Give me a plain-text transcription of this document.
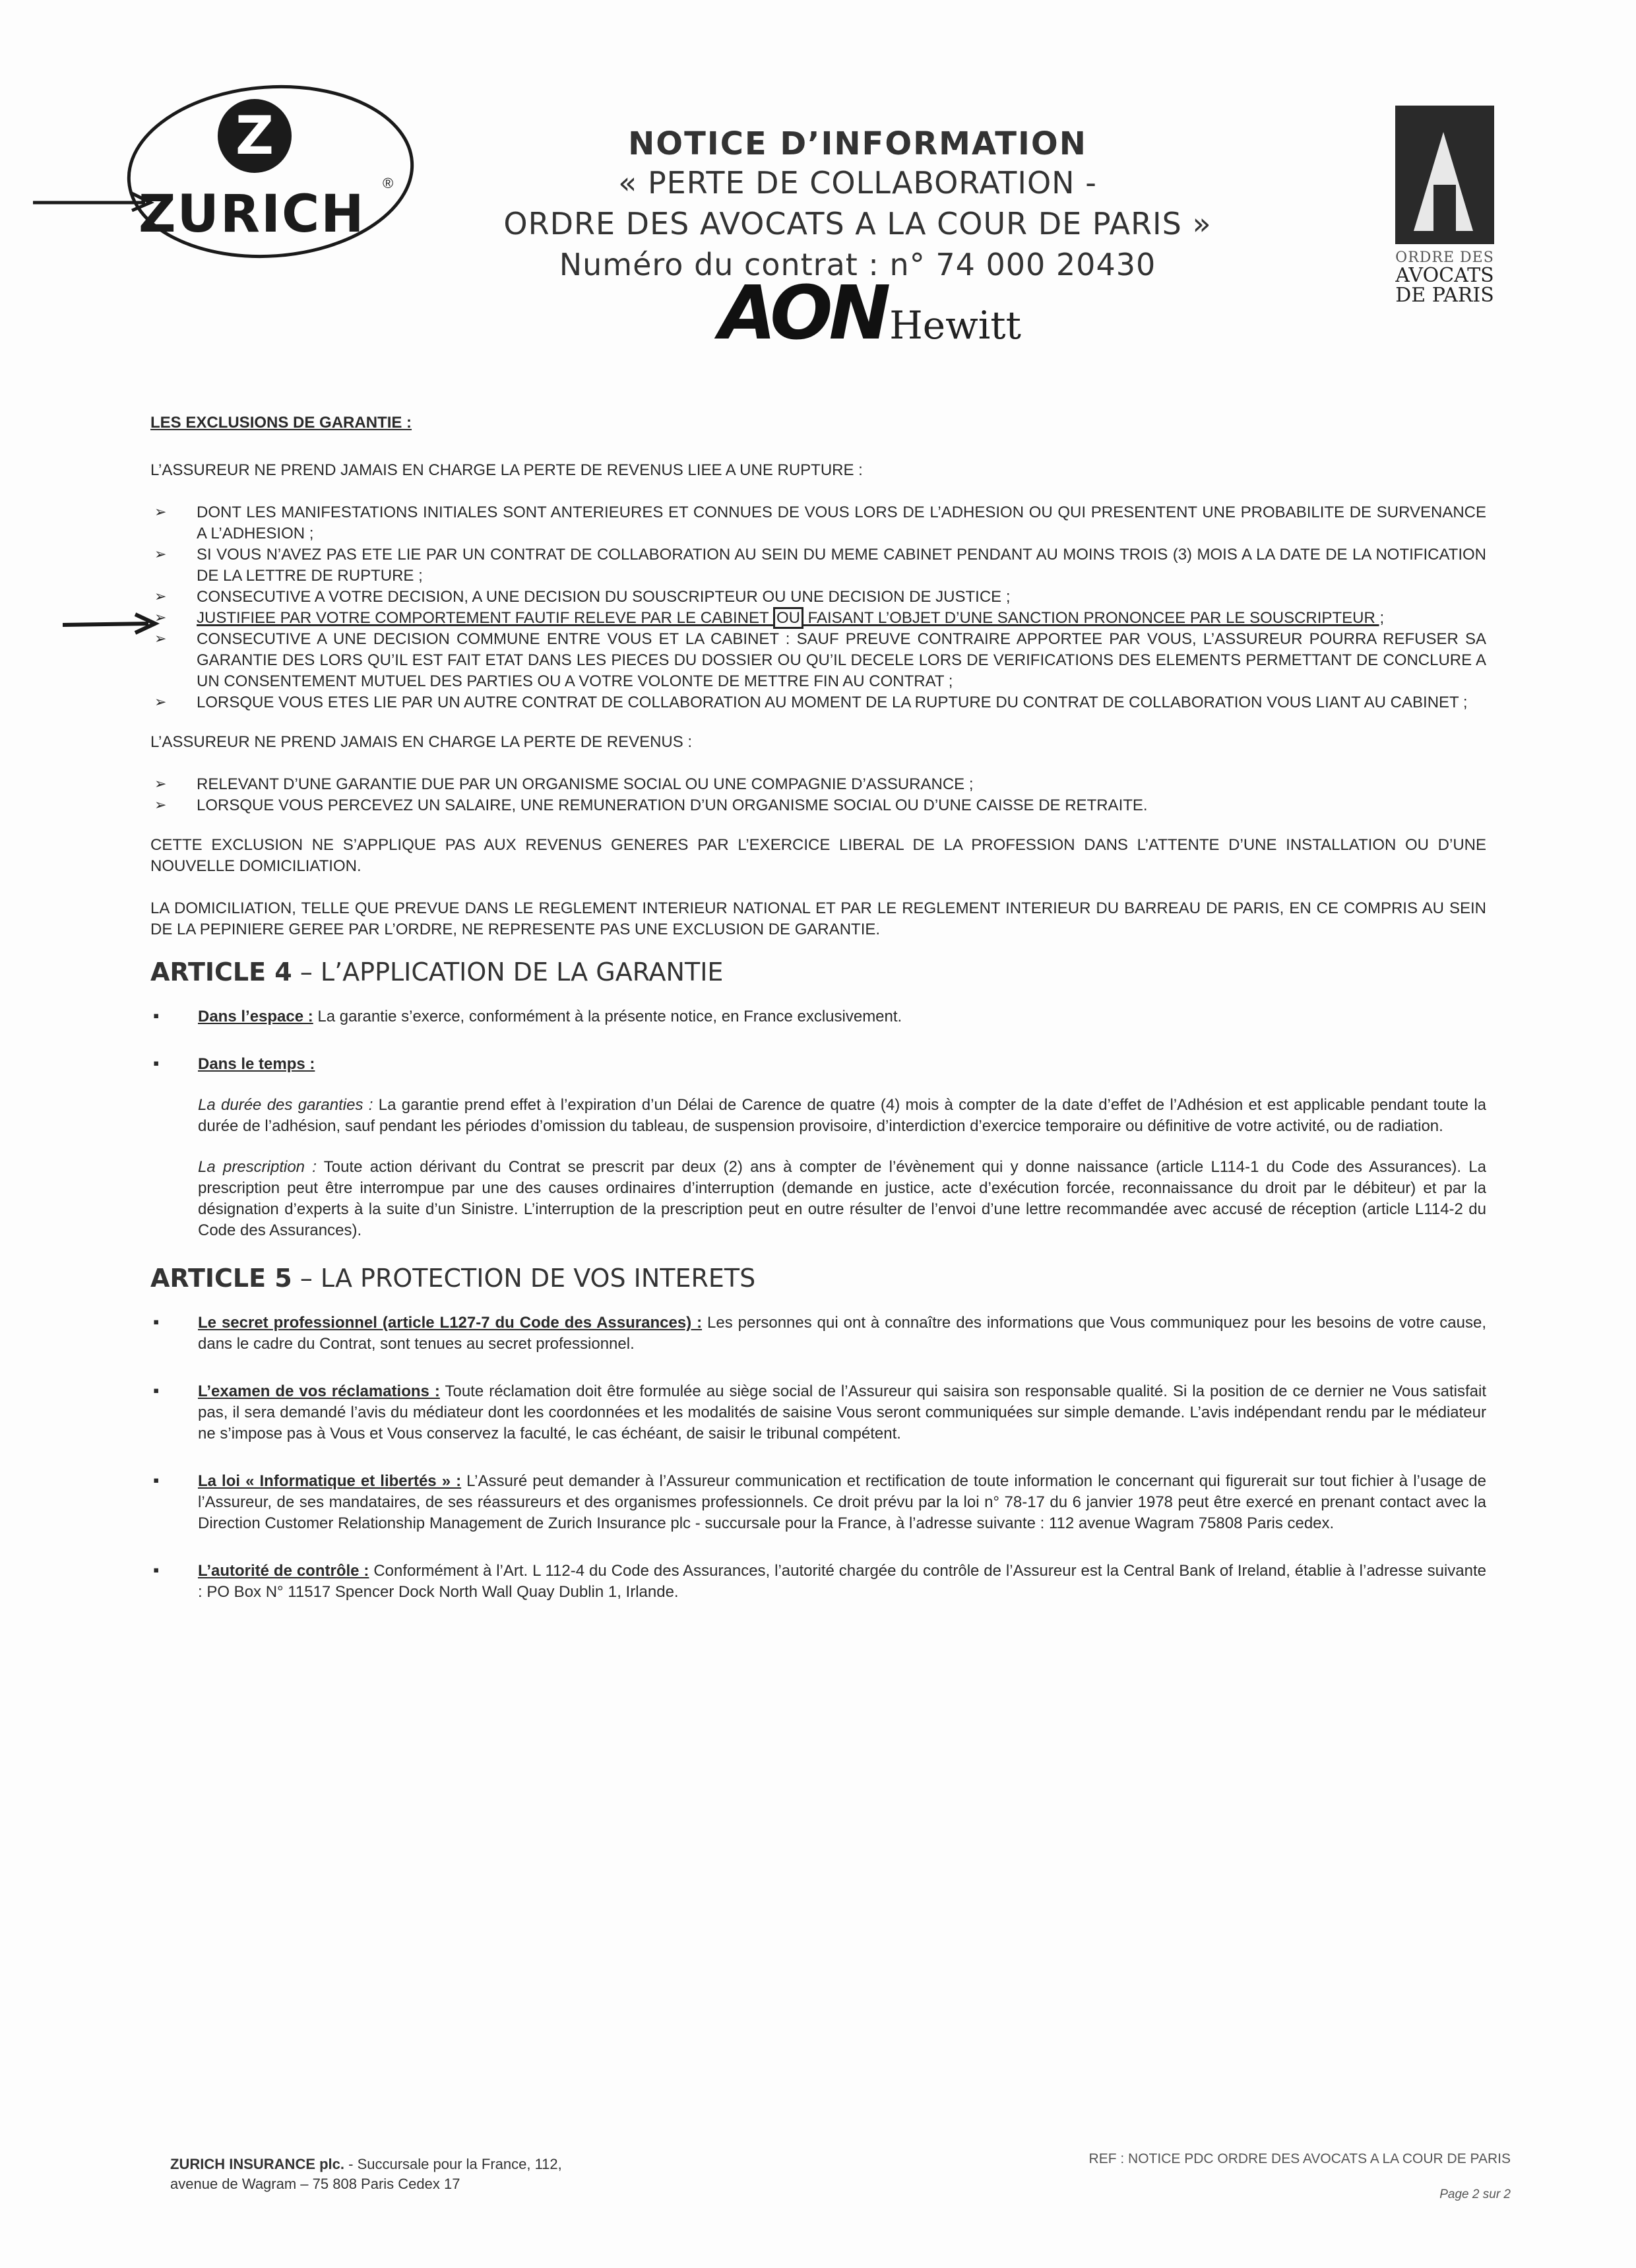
Z
ZURICH
®
NOTICE D’INFORMATION
« PERTE DE COLLABORATION -
ORDRE DES AVOCATS A LA COUR DE PARIS »
Numéro du contrat : n° 74 000 20430
AONHewitt
ORDRE DES
AVOCATS
DE PARIS
LES EXCLUSIONS DE GARANTIE :
L’ASSUREUR NE PREND JAMAIS EN CHARGE LA PERTE DE REVENUS LIEE A UNE RUPTURE :
➢ DONT LES MANIFESTATIONS INITIALES SONT ANTERIEURES ET CONNUES DE VOUS LORS DE L’ADHESION OU QUI PRESENTENT UNE PROBABILITE DE SURVENANCE A L’ADHESION ;
➢ SI VOUS N’AVEZ PAS ETE LIE PAR UN CONTRAT DE COLLABORATION AU SEIN DU MEME CABINET PENDANT AU MOINS TROIS (3) MOIS A LA DATE DE LA NOTIFICATION DE LA LETTRE DE RUPTURE ;
➢ CONSECUTIVE A VOTRE DECISION, A UNE DECISION DU SOUSCRIPTEUR OU UNE DECISION DE JUSTICE ;
➢ JUSTIFIEE PAR VOTRE COMPORTEMENT FAUTIF RELEVE PAR LE CABINET OU FAISANT L’OBJET D’UNE SANCTION PRONONCEE PAR LE SOUSCRIPTEUR ;
➢ CONSECUTIVE A UNE DECISION COMMUNE ENTRE VOUS ET LA CABINET : SAUF PREUVE CONTRAIRE APPORTEE PAR VOUS, L’ASSUREUR POURRA REFUSER SA GARANTIE DES LORS QU’IL EST FAIT ETAT DANS LES PIECES DU DOSSIER OU QU’IL DECELE LORS DE VERIFICATIONS DES ELEMENTS PERMETTANT DE CONCLURE A UN CONSENTEMENT MUTUEL DES PARTIES OU A VOTRE VOLONTE DE METTRE FIN AU CONTRAT ;
➢ LORSQUE VOUS ETES LIE PAR UN AUTRE CONTRAT DE COLLABORATION AU MOMENT DE LA RUPTURE DU CONTRAT DE COLLABORATION VOUS LIANT AU CABINET ;
L’ASSUREUR NE PREND JAMAIS EN CHARGE LA PERTE DE REVENUS :
➢ RELEVANT D’UNE GARANTIE DUE PAR UN ORGANISME SOCIAL OU UNE COMPAGNIE D’ASSURANCE ;
➢ LORSQUE VOUS PERCEVEZ UN SALAIRE, UNE REMUNERATION D’UN ORGANISME SOCIAL OU D’UNE CAISSE DE RETRAITE.
CETTE EXCLUSION NE S’APPLIQUE PAS AUX REVENUS GENERES PAR L’EXERCICE LIBERAL DE LA PROFESSION DANS L’ATTENTE D’UNE INSTALLATION OU D’UNE NOUVELLE DOMICILIATION.
LA DOMICILIATION, TELLE QUE PREVUE DANS LE REGLEMENT INTERIEUR NATIONAL ET PAR LE REGLEMENT INTERIEUR DU BARREAU DE PARIS, EN CE COMPRIS AU SEIN DE LA PEPINIERE GEREE PAR L’ORDRE, NE REPRESENTE PAS UNE EXCLUSION DE GARANTIE.
ARTICLE 4 – L’APPLICATION DE LA GARANTIE
▪ Dans l’espace : La garantie s’exerce, conformément à la présente notice, en France exclusivement.
▪ Dans le temps :
La durée des garanties : La garantie prend effet à l’expiration d’un Délai de Carence de quatre (4) mois à compter de la date d’effet de l’Adhésion et est applicable pendant toute la durée de l’adhésion, sauf pendant les périodes d’omission du tableau, de suspension provisoire, d’interdiction d’exercice temporaire ou définitive de votre activité, ou de radiation.
La prescription : Toute action dérivant du Contrat se prescrit par deux (2) ans à compter de l’évènement qui y donne naissance (article L114-1 du Code des Assurances). La prescription peut être interrompue par une des causes ordinaires d’interruption (demande en justice, acte d’exécution forcée, reconnaissance du droit par le débiteur) et par la désignation d’experts à la suite d’un Sinistre. L’interruption de la prescription peut en outre résulter de l’envoi d’une lettre recommandée avec accusé de réception (article L114-2 du Code des Assurances).
ARTICLE 5 – LA PROTECTION DE VOS INTERETS
▪ Le secret professionnel (article L127-7 du Code des Assurances) : Les personnes qui ont à connaître des informations que Vous communiquez pour les besoins de votre cause, dans le cadre du Contrat, sont tenues au secret professionnel.
▪ L’examen de vos réclamations : Toute réclamation doit être formulée au siège social de l’Assureur qui saisira son responsable qualité. Si la position de ce dernier ne Vous satisfait pas, il sera demandé l’avis du médiateur dont les coordonnées et les modalités de saisine Vous seront communiquées sur simple demande. L’avis indépendant rendu par le médiateur ne s’impose pas à Vous et Vous conservez la faculté, le cas échéant, de saisir le tribunal compétent.
▪ La loi « Informatique et libertés » : L’Assuré peut demander à l’Assureur communication et rectification de toute information le concernant qui figurerait sur tout fichier à l’usage de l’Assureur, de ses mandataires, de ses réassureurs et des organismes professionnels. Ce droit prévu par la loi n° 78-17 du 6 janvier 1978 peut être exercé en prenant contact avec la Direction Customer Relationship Management de Zurich Insurance plc - succursale pour la France, à l’adresse suivante : 112 avenue Wagram 75808 Paris cedex.
▪ L’autorité de contrôle : Conformément à l’Art. L 112-4 du Code des Assurances, l’autorité chargée du contrôle de l’Assureur est la Central Bank of Ireland, établie à l’adresse suivante : PO Box N° 11517 Spencer Dock North Wall Quay Dublin 1, Irlande.
ZURICH INSURANCE plc. - Succursale pour la France, 112,
avenue de Wagram – 75 808 Paris Cedex 17
REF : NOTICE PDC ORDRE DES AVOCATS A LA COUR DE PARIS
Page 2 sur 2
